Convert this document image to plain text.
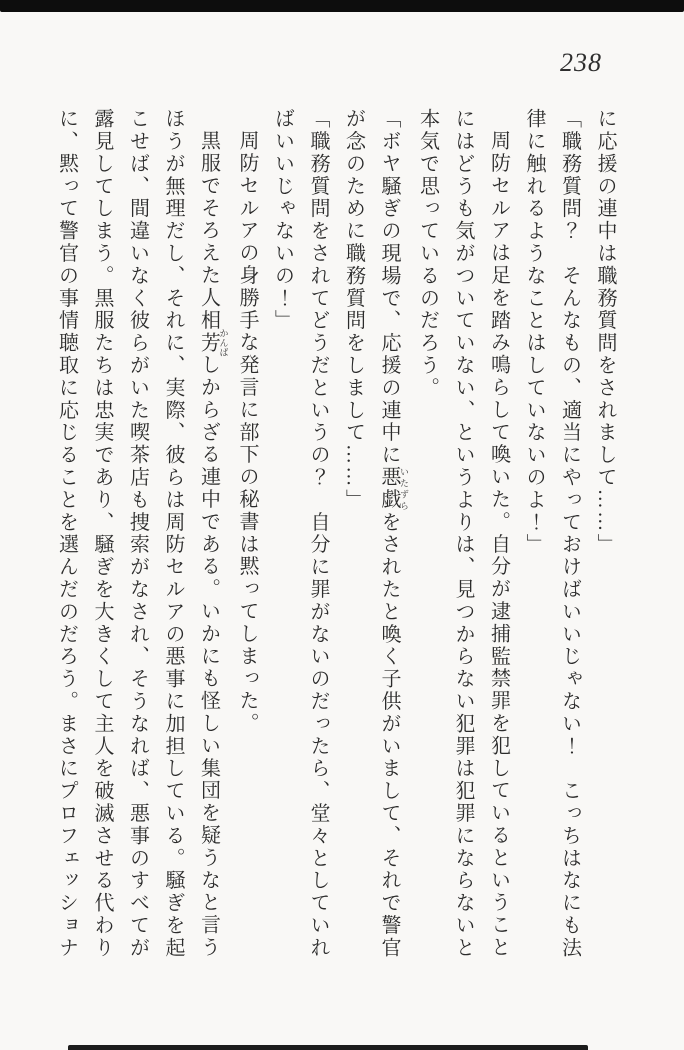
238
に応援の連中は職務質問をされまして……」
「職務質問？　そんなもの、適当にやっておけばいいじゃない！　こっちはなにも法
律に触れるようなことはしていないのよ！」
周防セルアは足を踏み鳴らして喚いた。自分が逮捕監禁罪を犯しているということ
にはどうも気がついていない、というよりは、見つからない犯罪は犯罪にならないと
本気で思っているのだろう。
「ボヤ騒ぎの現場で、応援の連中に悪戯 いたずらをされたと喚く子供がいまして、それで警官
が念のために職務質問をしまして……」
「職務質問をされてどうだというの？　自分に罪がないのだったら、堂々としていれ
ばいいじゃないの！」
周防セルアの身勝手な発言に部下の秘書は黙ってしまった。
黒服でそろえた人相芳 かんばしからざる連中である。いかにも怪しい集団を疑うなと言う
ほうが無理だし、それに、実際、彼らは周防セルアの悪事に加担している。騒ぎを起
こせば、間違いなく彼らがいた喫茶店も捜索がなされ、そうなれば、悪事のすべてが
露見してしまう。黒服たちは忠実であり、騒ぎを大きくして主人を破滅させる代わり
に、黙って警官の事情聴取に応じることを選んだのだろう。まさにプロフェッショナ
